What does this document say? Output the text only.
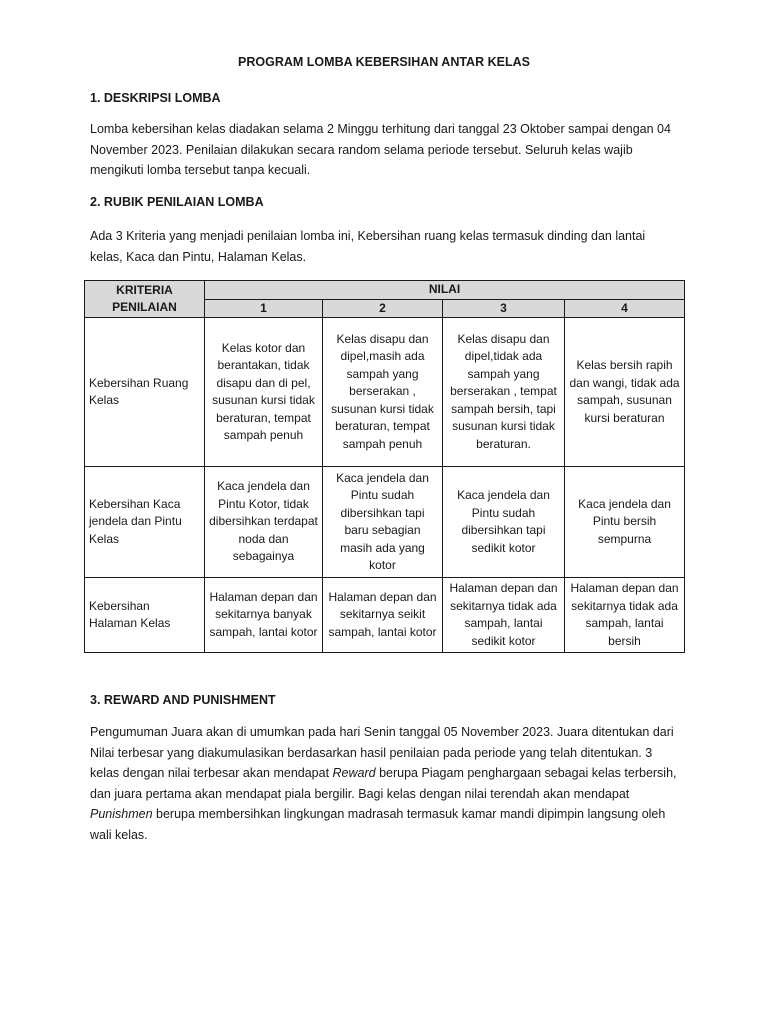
PROGRAM LOMBA KEBERSIHAN ANTAR KELAS
1. DESKRIPSI LOMBA

Lomba kebersihan kelas diadakan selama 2 Minggu terhitung dari tanggal 23 Oktober sampai dengan 04

November 2023. Penilaian dilakukan secara random selama periode tersebut. Seluruh kelas wajib

mengikuti lomba tersebut tanpa kecuali.

2. RUBIK PENILAIAN LOMBA

Ada 3 Kriteria yang menjadi penilaian lomba ini, Kebersihan ruang kelas termasuk dinding dan lantai

kelas, Kaca dan Pintu, Halaman Kelas.

KRITERIA PENILAIAN	NILAI			
	1	2	3	4
Kebersihan Ruang Kelas	Kelas kotor dan berantakan, tidak disapu dan di pel, susunan kursi tidak beraturan, tempat sampah penuh	Kelas disapu dan dipel,masih ada sampah yang berserakan , susunan kursi tidak beraturan, tempat sampah penuh	Kelas disapu dan dipel,tidak ada sampah yang berserakan , tempat sampah bersih, tapi susunan kursi tidak beraturan.	Kelas bersih rapih dan wangi, tidak ada sampah, susunan kursi beraturan
Kebersihan Kaca jendela dan Pintu Kelas	Kaca jendela dan Pintu Kotor, tidak dibersihkan terdapat noda dan sebagainya	Kaca jendela dan Pintu sudah dibersihkan tapi baru sebagian masih ada yang kotor	Kaca jendela dan Pintu sudah dibersihkan tapi sedikit kotor	Kaca jendela dan Pintu bersih sempurna
Kebersihan Halaman Kelas	Halaman depan dan sekitarnya banyak sampah, lantai kotor	Halaman depan dan sekitarnya seikit sampah, lantai kotor	Halaman depan dan sekitarnya tidak ada sampah, lantai sedikit kotor	Halaman depan dan sekitarnya tidak ada sampah, lantai bersih
3. REWARD AND PUNISHMENT

Pengumuman Juara akan di umumkan pada hari Senin tanggal 05 November 2023. Juara ditentukan dari

Nilai terbesar yang diakumulasikan berdasarkan hasil penilaian pada periode yang telah ditentukan. 3

kelas dengan nilai terbesar akan mendapat Reward berupa Piagam penghargaan sebagai kelas terbersih,

dan juara pertama akan mendapat piala bergilir. Bagi kelas dengan nilai terendah akan mendapat

Punishmen berupa membersihkan lingkungan madrasah termasuk kamar mandi dipimpin langsung oleh

wali kelas.
